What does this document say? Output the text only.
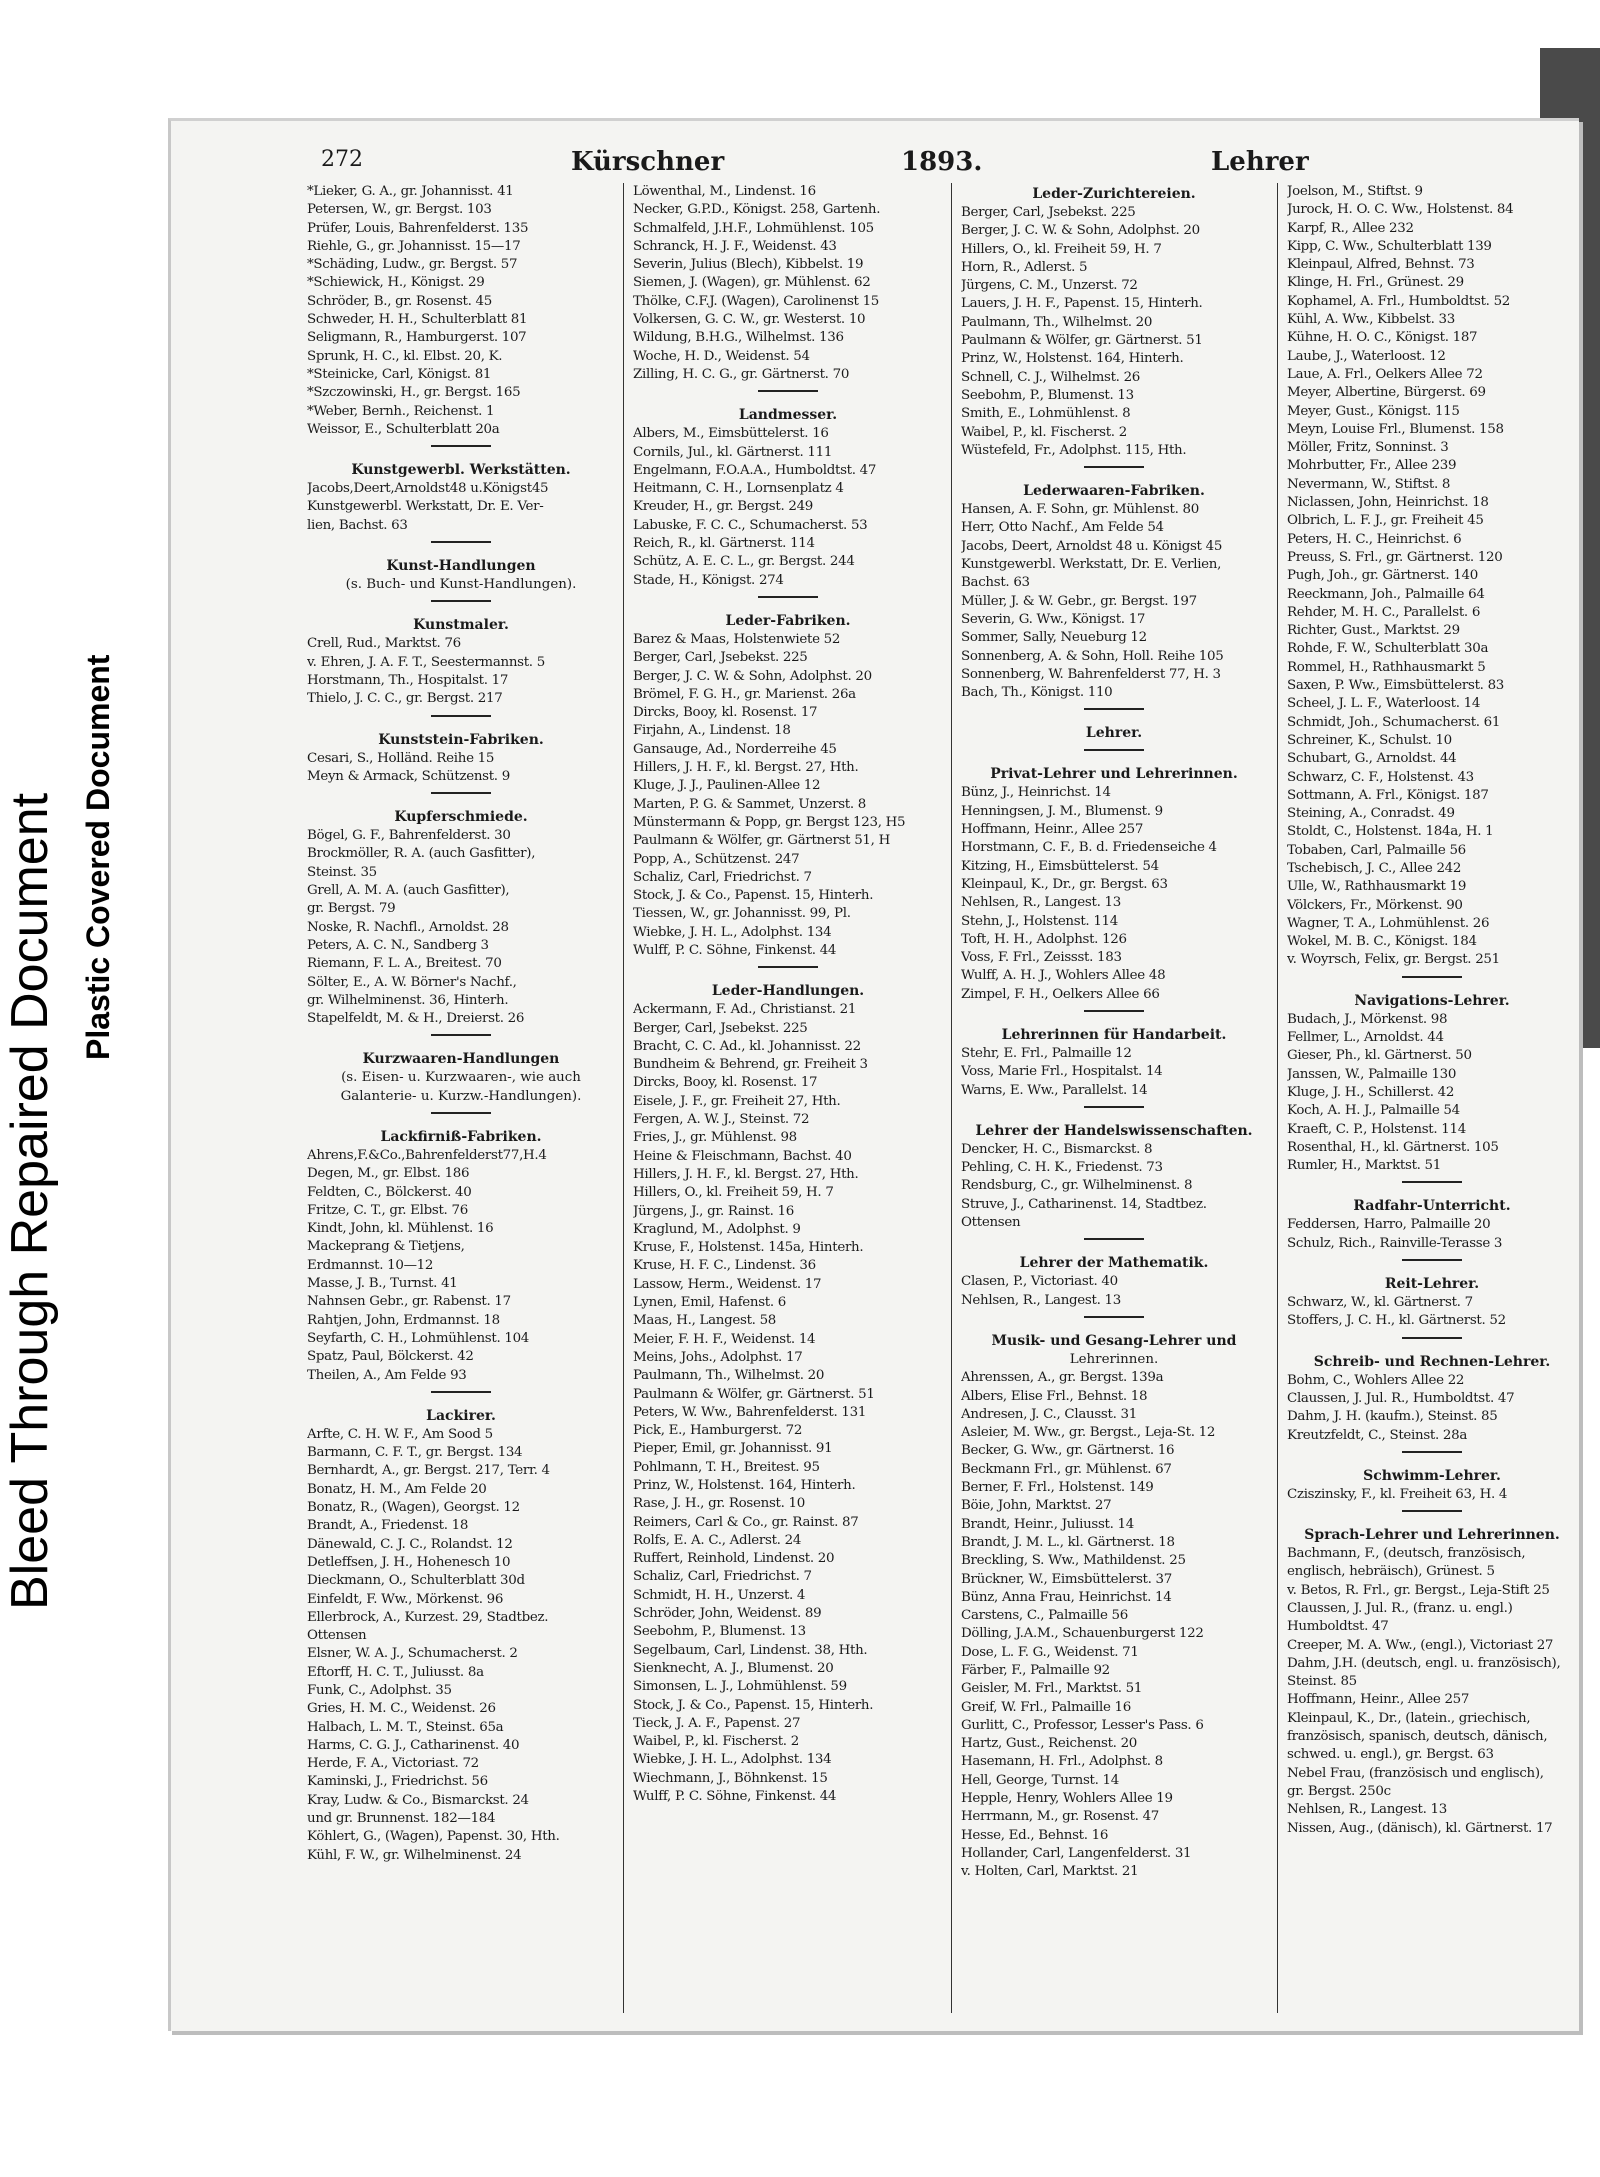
Bleed Through Repaired Document Plastic Covered Document
272	Kürschner	1893.	Lehrer
*Lieker, G. A., gr. Johannisst. 41
Petersen, W., gr. Bergst. 103
Prüfer, Louis, Bahrenfelderst. 135
Riehle, G., gr. Johannisst. 15—17
*Schäding, Ludw., gr. Bergst. 57
*Schiewick, H., Königst. 29
Schröder, B., gr. Rosenst. 45
Schweder, H. H., Schulterblatt 81
Seligmann, R., Hamburgerst. 107
Sprunk, H. C., kl. Elbst. 20, K.
*Steinicke, Carl, Königst. 81
*Szczowinski, H., gr. Bergst. 165
*Weber, Bernh., Reichenst. 1
Weissor, E., Schulterblatt 20a
Kunstgewerbl. Werkstätten.
Jacobs,Deert,Arnoldst48 u.Königst45
Kunstgewerbl. Werkstatt, Dr. E. Ver-
lien, Bachst. 63
Kunst-Handlungen
(s. Buch- und Kunst-Handlungen).
Kunstmaler.
Crell, Rud., Marktst. 76
v. Ehren, J. A. F. T., Seestermannst. 5
Horstmann, Th., Hospitalst. 17
Thielo, J. C. C., gr. Bergst. 217
Kunststein-Fabriken.
Cesari, S., Holländ. Reihe 15
Meyn & Armack, Schützenst. 9
Kupferschmiede.
Bögel, G. F., Bahrenfelderst. 30
Brockmöller, R. A. (auch Gasfitter),
Steinst. 35
Grell, A. M. A. (auch Gasfitter),
gr. Bergst. 79
Noske, R. Nachfl., Arnoldst. 28
Peters, A. C. N., Sandberg 3
Riemann, F. L. A., Breitest. 70
Sölter, E., A. W. Börner's Nachf.,
gr. Wilhelminenst. 36, Hinterh.
Stapelfeldt, M. & H., Dreierst. 26
Kurzwaaren-Handlungen
(s. Eisen- u. Kurzwaaren-, wie auch
Galanterie- u. Kurzw.-Handlungen).
Lackfirniß-Fabriken.
Ahrens,F.&Co.,Bahrenfelderst77,H.4
Degen, M., gr. Elbst. 186
Feldten, C., Bölckerst. 40
Fritze, C. T., gr. Elbst. 76
Kindt, John, kl. Mühlenst. 16
Mackeprang & Tietjens,
Erdmannst. 10—12
Masse, J. B., Turnst. 41
Nahnsen Gebr., gr. Rabenst. 17
Rahtjen, John, Erdmannst. 18
Seyfarth, C. H., Lohmühlenst. 104
Spatz, Paul, Bölckerst. 42
Theilen, A., Am Felde 93
Lackirer.
Arfte, C. H. W. F., Am Sood 5
Barmann, C. F. T., gr. Bergst. 134
Bernhardt, A., gr. Bergst. 217, Terr. 4
Bonatz, H. M., Am Felde 20
Bonatz, R., (Wagen), Georgst. 12
Brandt, A., Friedenst. 18
Dänewald, C. J. C., Rolandst. 12
Detleffsen, J. H., Hohenesch 10
Dieckmann, O., Schulterblatt 30d
Einfeldt, F. Ww., Mörkenst. 96
Ellerbrock, A., Kurzest. 29, Stadtbez.
Ottensen
Elsner, W. A. J., Schumacherst. 2
Eftorff, H. C. T., Juliusst. 8a
Funk, C., Adolphst. 35
Gries, H. M. C., Weidenst. 26
Halbach, L. M. T., Steinst. 65a
Harms, C. G. J., Catharinenst. 40
Herde, F. A., Victoriast. 72
Kaminski, J., Friedrichst. 56
Kray, Ludw. & Co., Bismarckst. 24
und gr. Brunnenst. 182—184
Köhlert, G., (Wagen), Papenst. 30, Hth.
Kühl, F. W., gr. Wilhelminenst. 24
Löwenthal, M., Lindenst. 16
Necker, G.P.D., Königst. 258, Gartenh.
Schmalfeld, J.H.F., Lohmühlenst. 105
Schranck, H. J. F., Weidenst. 43
Severin, Julius (Blech), Kibbelst. 19
Siemen, J. (Wagen), gr. Mühlenst. 62
Thölke, C.F.J. (Wagen), Carolinenst 15
Volkersen, G. C. W., gr. Westerst. 10
Wildung, B.H.G., Wilhelmst. 136
Woche, H. D., Weidenst. 54
Zilling, H. C. G., gr. Gärtnerst. 70
Landmesser.
Albers, M., Eimsbüttelerst. 16
Cornils, Jul., kl. Gärtnerst. 111
Engelmann, F.O.A.A., Humboldtst. 47
Heitmann, C. H., Lornsenplatz 4
Kreuder, H., gr. Bergst. 249
Labuske, F. C. C., Schumacherst. 53
Reich, R., kl. Gärtnerst. 114
Schütz, A. E. C. L., gr. Bergst. 244
Stade, H., Königst. 274
Leder-Fabriken.
Barez & Maas, Holstenwiete 52
Berger, Carl, Jsebekst. 225
Berger, J. C. W. & Sohn, Adolphst. 20
Brömel, F. G. H., gr. Marienst. 26a
Dircks, Booy, kl. Rosenst. 17
Firjahn, A., Lindenst. 18
Gansauge, Ad., Norderreihe 45
Hillers, J. H. F., kl. Bergst. 27, Hth.
Kluge, J. J., Paulinen-Allee 12
Marten, P. G. & Sammet, Unzerst. 8
Münstermann & Popp, gr. Bergst 123, H5
Paulmann & Wölfer, gr. Gärtnerst 51, H
Popp, A., Schützenst. 247
Schaliz, Carl, Friedrichst. 7
Stock, J. & Co., Papenst. 15, Hinterh.
Tiessen, W., gr. Johannisst. 99, Pl.
Wiebke, J. H. L., Adolphst. 134
Wulff, P. C. Söhne, Finkenst. 44
Leder-Handlungen.
Ackermann, F. Ad., Christianst. 21
Berger, Carl, Jsebekst. 225
Bracht, C. C. Ad., kl. Johannisst. 22
Bundheim & Behrend, gr. Freiheit 3
Dircks, Booy, kl. Rosenst. 17
Eisele, J. F., gr. Freiheit 27, Hth.
Fergen, A. W. J., Steinst. 72
Fries, J., gr. Mühlenst. 98
Heine & Fleischmann, Bachst. 40
Hillers, J. H. F., kl. Bergst. 27, Hth.
Hillers, O., kl. Freiheit 59, H. 7
Jürgens, J., gr. Rainst. 16
Kraglund, M., Adolphst. 9
Kruse, F., Holstenst. 145a, Hinterh.
Kruse, H. F. C., Lindenst. 36
Lassow, Herm., Weidenst. 17
Lynen, Emil, Hafenst. 6
Maas, H., Langest. 58
Meier, F. H. F., Weidenst. 14
Meins, Johs., Adolphst. 17
Paulmann, Th., Wilhelmst. 20
Paulmann & Wölfer, gr. Gärtnerst. 51
Peters, W. Ww., Bahrenfelderst. 131
Pick, E., Hamburgerst. 72
Pieper, Emil, gr. Johannisst. 91
Pohlmann, T. H., Breitest. 95
Prinz, W., Holstenst. 164, Hinterh.
Rase, J. H., gr. Rosenst. 10
Reimers, Carl & Co., gr. Rainst. 87
Rolfs, E. A. C., Adlerst. 24
Ruffert, Reinhold, Lindenst. 20
Schaliz, Carl, Friedrichst. 7
Schmidt, H. H., Unzerst. 4
Schröder, John, Weidenst. 89
Seebohm, P., Blumenst. 13
Segelbaum, Carl, Lindenst. 38, Hth.
Sienknecht, A. J., Blumenst. 20
Simonsen, L. J., Lohmühlenst. 59
Stock, J. & Co., Papenst. 15, Hinterh.
Tieck, J. A. F., Papenst. 27
Waibel, P., kl. Fischerst. 2
Wiebke, J. H. L., Adolphst. 134
Wiechmann, J., Böhnkenst. 15
Wulff, P. C. Söhne, Finkenst. 44
Leder-Zurichtereien.
Berger, Carl, Jsebekst. 225
Berger, J. C. W. & Sohn, Adolphst. 20
Hillers, O., kl. Freiheit 59, H. 7
Horn, R., Adlerst. 5
Jürgens, C. M., Unzerst. 72
Lauers, J. H. F., Papenst. 15, Hinterh.
Paulmann, Th., Wilhelmst. 20
Paulmann & Wölfer, gr. Gärtnerst. 51
Prinz, W., Holstenst. 164, Hinterh.
Schnell, C. J., Wilhelmst. 26
Seebohm, P., Blumenst. 13
Smith, E., Lohmühlenst. 8
Waibel, P., kl. Fischerst. 2
Wüstefeld, Fr., Adolphst. 115, Hth.
Lederwaaren-Fabriken.
Hansen, A. F. Sohn, gr. Mühlenst. 80
Herr, Otto Nachf., Am Felde 54
Jacobs, Deert, Arnoldst 48 u. Königst 45
Kunstgewerbl. Werkstatt, Dr. E. Verlien,
Bachst. 63
Müller, J. & W. Gebr., gr. Bergst. 197
Severin, G. Ww., Königst. 17
Sommer, Sally, Neueburg 12
Sonnenberg, A. & Sohn, Holl. Reihe 105
Sonnenberg, W. Bahrenfelderst 77, H. 3
Bach, Th., Königst. 110
Lehrer.
Privat-Lehrer und Lehrerinnen.
Bünz, J., Heinrichst. 14
Henningsen, J. M., Blumenst. 9
Hoffmann, Heinr., Allee 257
Horstmann, C. F., B. d. Friedenseiche 4
Kitzing, H., Eimsbüttelerst. 54
Kleinpaul, K., Dr., gr. Bergst. 63
Nehlsen, R., Langest. 13
Stehn, J., Holstenst. 114
Toft, H. H., Adolphst. 126
Voss, F. Frl., Zeissst. 183
Wulff, A. H. J., Wohlers Allee 48
Zimpel, F. H., Oelkers Allee 66
Lehrerinnen für Handarbeit.
Stehr, E. Frl., Palmaille 12
Voss, Marie Frl., Hospitalst. 14
Warns, E. Ww., Parallelst. 14
Lehrer der Handelswissenschaften.
Dencker, H. C., Bismarckst. 8
Pehling, C. H. K., Friedenst. 73
Rendsburg, C., gr. Wilhelminenst. 8
Struve, J., Catharinenst. 14, Stadtbez.
Ottensen
Lehrer der Mathematik.
Clasen, P., Victoriast. 40
Nehlsen, R., Langest. 13
Musik- und Gesang-Lehrer und
Lehrerinnen.
Ahrenssen, A., gr. Bergst. 139a
Albers, Elise Frl., Behnst. 18
Andresen, J. C., Clausst. 31
Asleier, M. Ww., gr. Bergst., Leja-St. 12
Becker, G. Ww., gr. Gärtnerst. 16
Beckmann Frl., gr. Mühlenst. 67
Berner, F. Frl., Holstenst. 149
Böie, John, Marktst. 27
Brandt, Heinr., Juliusst. 14
Brandt, J. M. L., kl. Gärtnerst. 18
Breckling, S. Ww., Mathildenst. 25
Brückner, W., Eimsbüttelerst. 37
Bünz, Anna Frau, Heinrichst. 14
Carstens, C., Palmaille 56
Dölling, J.A.M., Schauenburgerst 122
Dose, L. F. G., Weidenst. 71
Färber, F., Palmaille 92
Geisler, M. Frl., Marktst. 51
Greif, W. Frl., Palmaille 16
Gurlitt, C., Professor, Lesser's Pass. 6
Hartz, Gust., Reichenst. 20
Hasemann, H. Frl., Adolphst. 8
Hell, George, Turnst. 14
Hepple, Henry, Wohlers Allee 19
Herrmann, M., gr. Rosenst. 47
Hesse, Ed., Behnst. 16
Hollander, Carl, Langenfelderst. 31
v. Holten, Carl, Marktst. 21
Joelson, M., Stiftst. 9
Jurock, H. O. C. Ww., Holstenst. 84
Karpf, R., Allee 232
Kipp, C. Ww., Schulterblatt 139
Kleinpaul, Alfred, Behnst. 73
Klinge, H. Frl., Grünest. 29
Kophamel, A. Frl., Humboldtst. 52
Kühl, A. Ww., Kibbelst. 33
Kühne, H. O. C., Königst. 187
Laube, J., Waterloost. 12
Laue, A. Frl., Oelkers Allee 72
Meyer, Albertine, Bürgerst. 69
Meyer, Gust., Königst. 115
Meyn, Louise Frl., Blumenst. 158
Möller, Fritz, Sonninst. 3
Mohrbutter, Fr., Allee 239
Nevermann, W., Stiftst. 8
Niclassen, John, Heinrichst. 18
Olbrich, L. F. J., gr. Freiheit 45
Peters, H. C., Heinrichst. 6
Preuss, S. Frl., gr. Gärtnerst. 120
Pugh, Joh., gr. Gärtnerst. 140
Reeckmann, Joh., Palmaille 64
Rehder, M. H. C., Parallelst. 6
Richter, Gust., Marktst. 29
Rohde, F. W., Schulterblatt 30a
Rommel, H., Rathhausmarkt 5
Saxen, P. Ww., Eimsbüttelerst. 83
Scheel, J. L. F., Waterloost. 14
Schmidt, Joh., Schumacherst. 61
Schreiner, K., Schulst. 10
Schubart, G., Arnoldst. 44
Schwarz, C. F., Holstenst. 43
Sottmann, A. Frl., Königst. 187
Steining, A., Conradst. 49
Stoldt, C., Holstenst. 184a, H. 1
Tobaben, Carl, Palmaille 56
Tschebisch, J. C., Allee 242
Ulle, W., Rathhausmarkt 19
Völckers, Fr., Mörkenst. 90
Wagner, T. A., Lohmühlenst. 26
Wokel, M. B. C., Königst. 184
v. Woyrsch, Felix, gr. Bergst. 251
Navigations-Lehrer.
Budach, J., Mörkenst. 98
Fellmer, L., Arnoldst. 44
Gieser, Ph., kl. Gärtnerst. 50
Janssen, W., Palmaille 130
Kluge, J. H., Schillerst. 42
Koch, A. H. J., Palmaille 54
Kraeft, C. P., Holstenst. 114
Rosenthal, H., kl. Gärtnerst. 105
Rumler, H., Marktst. 51
Radfahr-Unterricht.
Feddersen, Harro, Palmaille 20
Schulz, Rich., Rainville-Terasse 3
Reit-Lehrer.
Schwarz, W., kl. Gärtnerst. 7
Stoffers, J. C. H., kl. Gärtnerst. 52
Schreib- und Rechnen-Lehrer.
Bohm, C., Wohlers Allee 22
Claussen, J. Jul. R., Humboldtst. 47
Dahm, J. H. (kaufm.), Steinst. 85
Kreutzfeldt, C., Steinst. 28a
Schwimm-Lehrer.
Cziszinsky, F., kl. Freiheit 63, H. 4
Sprach-Lehrer und Lehrerinnen.
Bachmann, F., (deutsch, französisch,
englisch, hebräisch), Grünest. 5
v. Betos, R. Frl., gr. Bergst., Leja-Stift 25
Claussen, J. Jul. R., (franz. u. engl.)
Humboldtst. 47
Creeper, M. A. Ww., (engl.), Victoriast 27
Dahm, J.H. (deutsch, engl. u. französisch),
Steinst. 85
Hoffmann, Heinr., Allee 257
Kleinpaul, K., Dr., (latein., griechisch,
französisch, spanisch, deutsch, dänisch,
schwed. u. engl.), gr. Bergst. 63
Nebel Frau, (französisch und englisch),
gr. Bergst. 250c
Nehlsen, R., Langest. 13
Nissen, Aug., (dänisch), kl. Gärtnerst. 17
